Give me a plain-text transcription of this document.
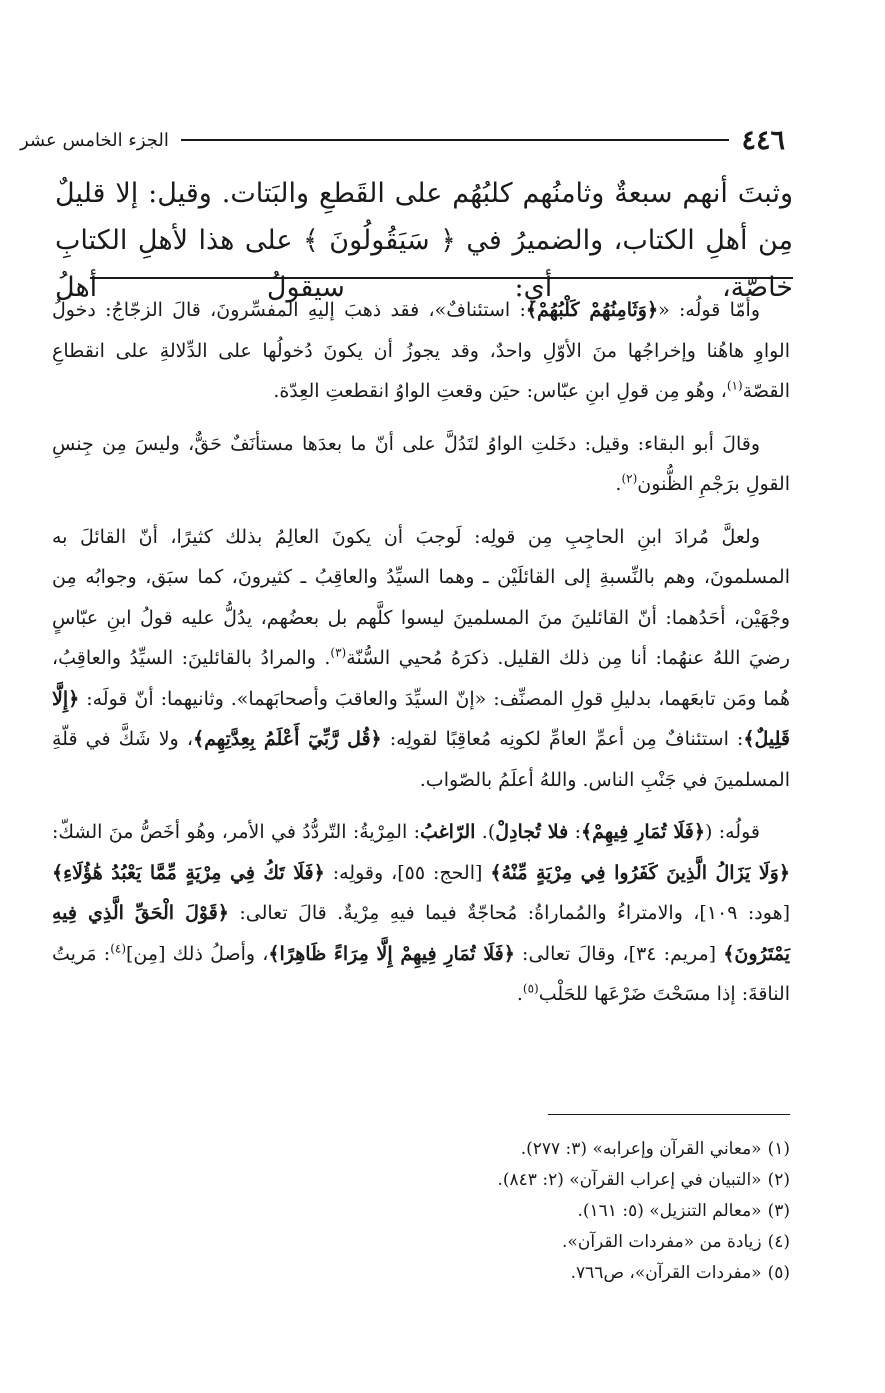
٤٤٦
الجزء الخامس عشر

وثبتَ أنهم سبعةٌ وثامنُهم كلبُهُم على القَطعِ والبَتات. وقيل: إلا قليلٌ مِن أهلِ الكتاب، والضميرُ في ﴿ سَيَقُولُونَ ﴾ على هذا لأهلِ الكتابِ خاصّة، أي: سيقولُ أهلُ

وأمّا قولُه: «﴿وَثَامِنُهُمْ كَلْبُهُمْ﴾: استئنافٌ»، فقد ذهبَ إليهِ المفسِّرونَ، قالَ الزجّاجُ: دخولُ الواوِ هاهُنا وإخراجُها منَ الأوّلِ واحدٌ، وقد يجوزُ أن يكونَ دُخولُها على الدِّلالةِ على انقطاعِ القصّة$^{(١)}$، وهُو مِن قولِ ابنِ عبّاس: حيَن وقعتِ الواوُ انقطعتِ العِدّة.

وقالَ أبو البقاء: وقيل: دخَلتِ الواوُ لتَدُلَّ على أنّ ما بعدَها مستأنَفٌ حَقٌّ، وليسَ مِن جِنسِ القولِ برَجْمِ الظُّنون$^{(٢)}$.

ولعلَّ مُرادَ ابنِ الحاجِبِ مِن قولِه: لَوجبَ أن يكونَ العالِمُ بذلك كثيرًا، أنّ القائلَ به المسلمونَ، وهم بالنِّسبةِ إلى القائلَيْن ـ وهما السيِّدُ والعاقِبُ ـ كثيرونَ، كما سبَق، وجوابُه مِن وجْهَيْن، أحَدُهما: أنّ القائلينَ منَ المسلمينَ ليسوا كلَّهم بل بعضُهم، يدُلُّ عليه قولُ ابنِ عبّاسٍ رضيَ اللهُ عنهُما: أنا مِن ذلك القليل. ذكرَهُ مُحيي السُّنّة$^{(٣)}$. والمرادُ بالقائلينَ: السيِّدُ والعاقِبُ، هُما ومَن تابعَهما، بدليلِ قولِ المصنِّف: «إنّ السيِّدَ والعاقبَ وأصحابَهما». وثانيهما: أنّ قولَه: ﴿إِلَّا قَلِيلٌ﴾: استئنافٌ مِن أعمِّ العامِّ لكونِه مُعاقِبًا لقولِه: ﴿قُل رَّبِّيٓ أَعْلَمُ بِعِدَّتِهِم﴾، ولا شَكَّ في قلّةِ المسلمينَ في جَنْبِ الناس. واللهُ أعلَمُ بالصّواب.

قولُه: (﴿فَلَا تُمَارِ فِيهِمْ﴾: فلا تُجادِلْ). الرّاغبُ: المِرْيةُ: التّردُّدُ في الأمر، وهُو أخَصُّ منَ الشكّ: ﴿وَلَا يَزَالُ الَّذِينَ كَفَرُوا فِي مِرْيَةٍ مِّنْهُ﴾ [الحج: ٥٥]، وقولِه: ﴿فَلَا تَكُ فِي مِرْيَةٍ مِّمَّا يَعْبُدُ هَٰؤُلَاءِ﴾ [هود: ١٠٩]، والامتراءُ والمُماراةُ: مُحاجّةٌ فيما فيهِ مِرْيةٌ. قالَ تعالى: ﴿قَوْلَ الْحَقِّ الَّذِي فِيهِ يَمْتَرُونَ﴾ [مريم: ٣٤]، وقالَ تعالى: ﴿فَلَا تُمَارِ فِيهِمْ إِلَّا مِرَاءً ظَاهِرًا﴾، وأصلُ ذلك [مِن]$^{(٤)}$: مَريتُ الناقةَ: إذا مسَحْتَ ضَرْعَها للحَلْب$^{(٥)}$.

(١)«معاني القرآن وإعرابه» (٣: ٢٧٧).
(٢)«التبيان في إعراب القرآن» (٢: ٨٤٣).
(٣)«معالم التنزيل» (٥: ١٦١).
(٤)زيادة من «مفردات القرآن».
(٥)«مفردات القرآن»، ص٧٦٦.
